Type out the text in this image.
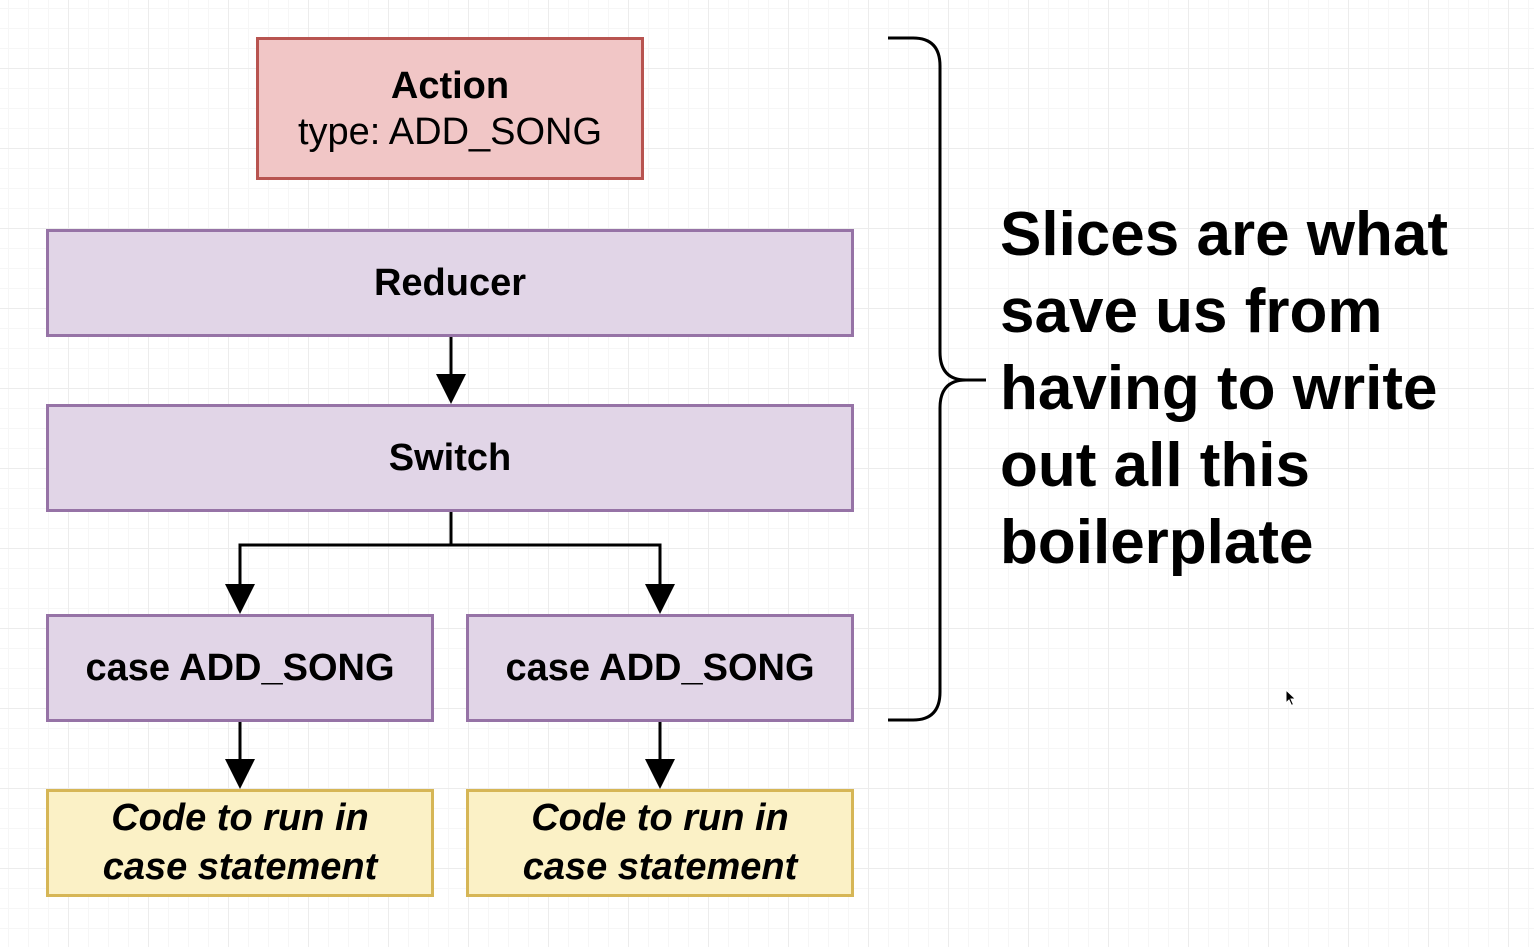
Action
type: ADD_SONG
Reducer
Switch
case ADD_SONG	case ADD_SONG
Code to run in
case statement
Code to run in
case statement

Slices are what
save us from
having to write
out all this
boilerplate
